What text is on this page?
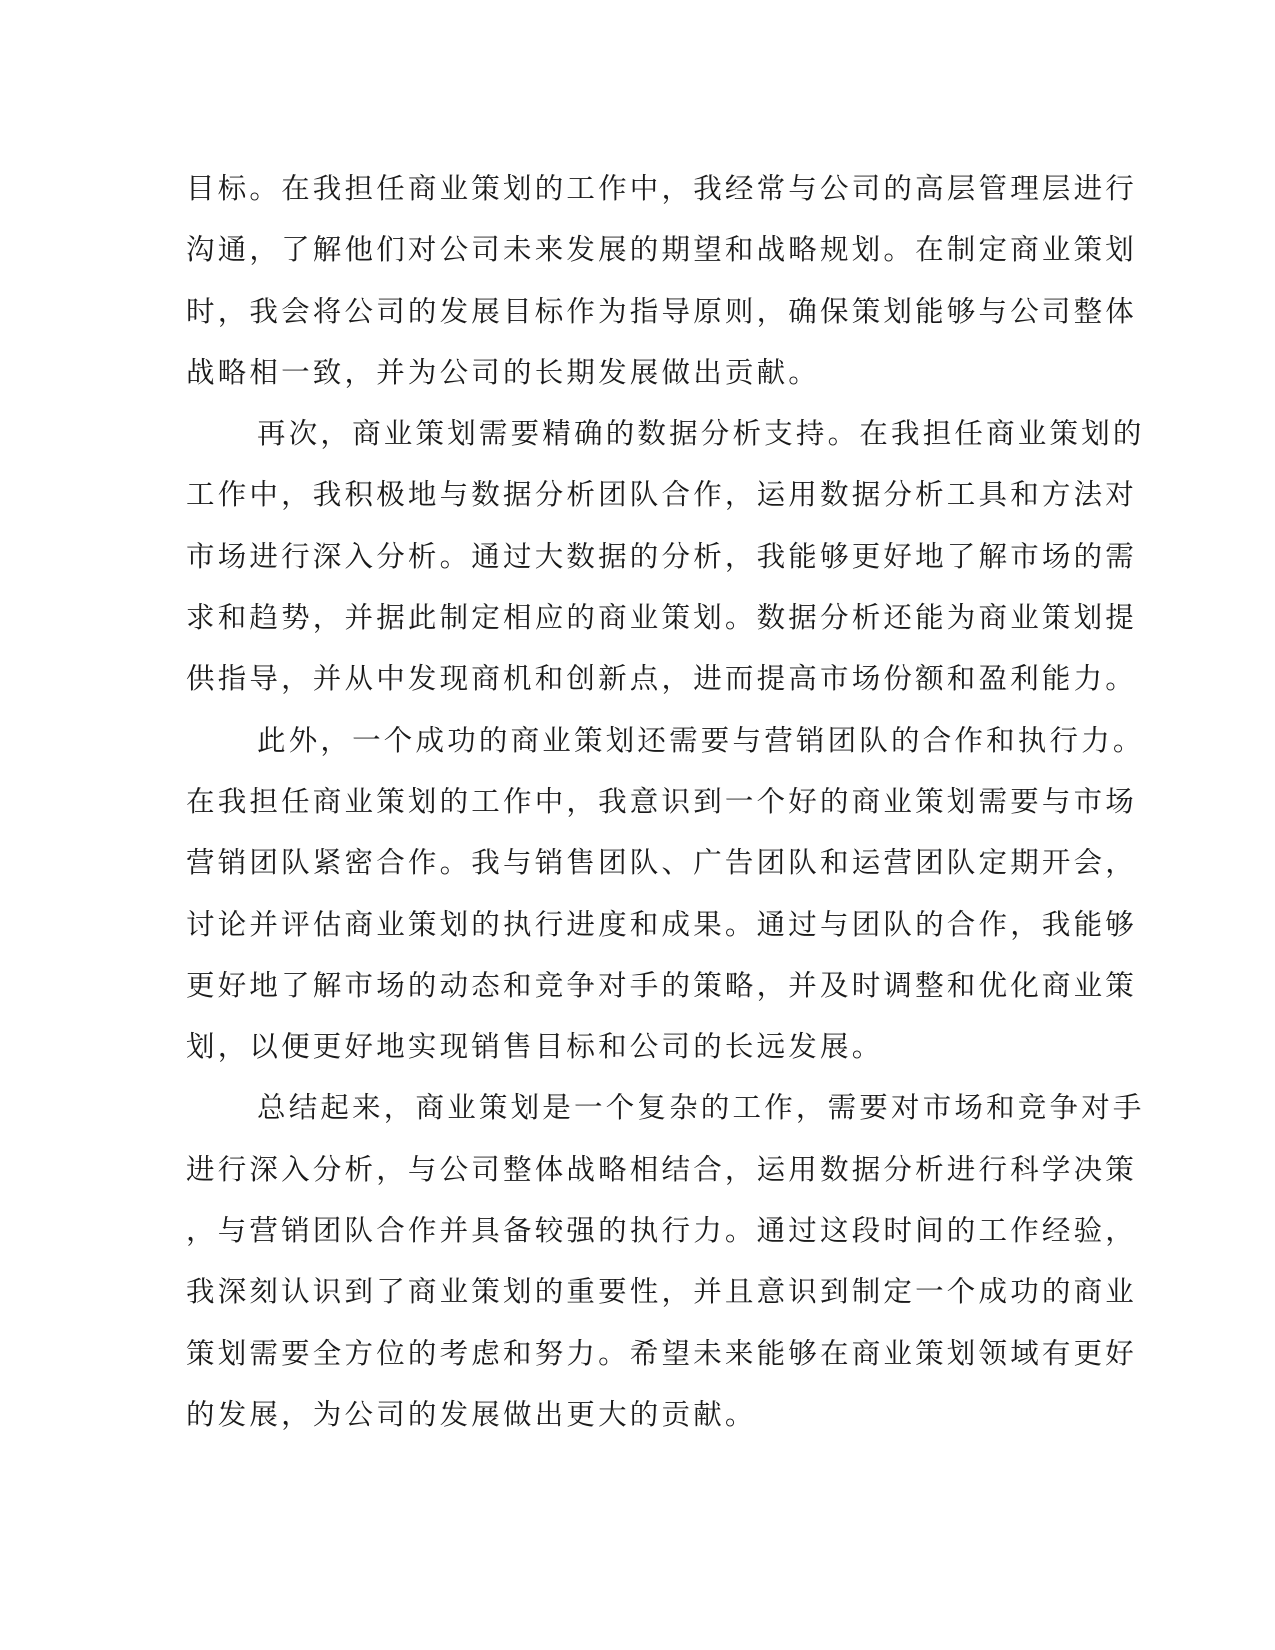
目标。在我担任商业策划的工作中，我经常与公司的高层管理层进行
沟通，了解他们对公司未来发展的期望和战略规划。在制定商业策划
时，我会将公司的发展目标作为指导原则，确保策划能够与公司整体
战略相一致，并为公司的长期发展做出贡献。
再次，商业策划需要精确的数据分析支持。在我担任商业策划的
工作中，我积极地与数据分析团队合作，运用数据分析工具和方法对
市场进行深入分析。通过大数据的分析，我能够更好地了解市场的需
求和趋势，并据此制定相应的商业策划。数据分析还能为商业策划提
供指导，并从中发现商机和创新点，进而提高市场份额和盈利能力。
此外，一个成功的商业策划还需要与营销团队的合作和执行力。
在我担任商业策划的工作中，我意识到一个好的商业策划需要与市场
营销团队紧密合作。我与销售团队、广告团队和运营团队定期开会，
讨论并评估商业策划的执行进度和成果。通过与团队的合作，我能够
更好地了解市场的动态和竞争对手的策略，并及时调整和优化商业策
划，以便更好地实现销售目标和公司的长远发展。
总结起来，商业策划是一个复杂的工作，需要对市场和竞争对手
进行深入分析，与公司整体战略相结合，运用数据分析进行科学决策
，与营销团队合作并具备较强的执行力。通过这段时间的工作经验，
我深刻认识到了商业策划的重要性，并且意识到制定一个成功的商业
策划需要全方位的考虑和努力。希望未来能够在商业策划领域有更好
的发展，为公司的发展做出更大的贡献。
